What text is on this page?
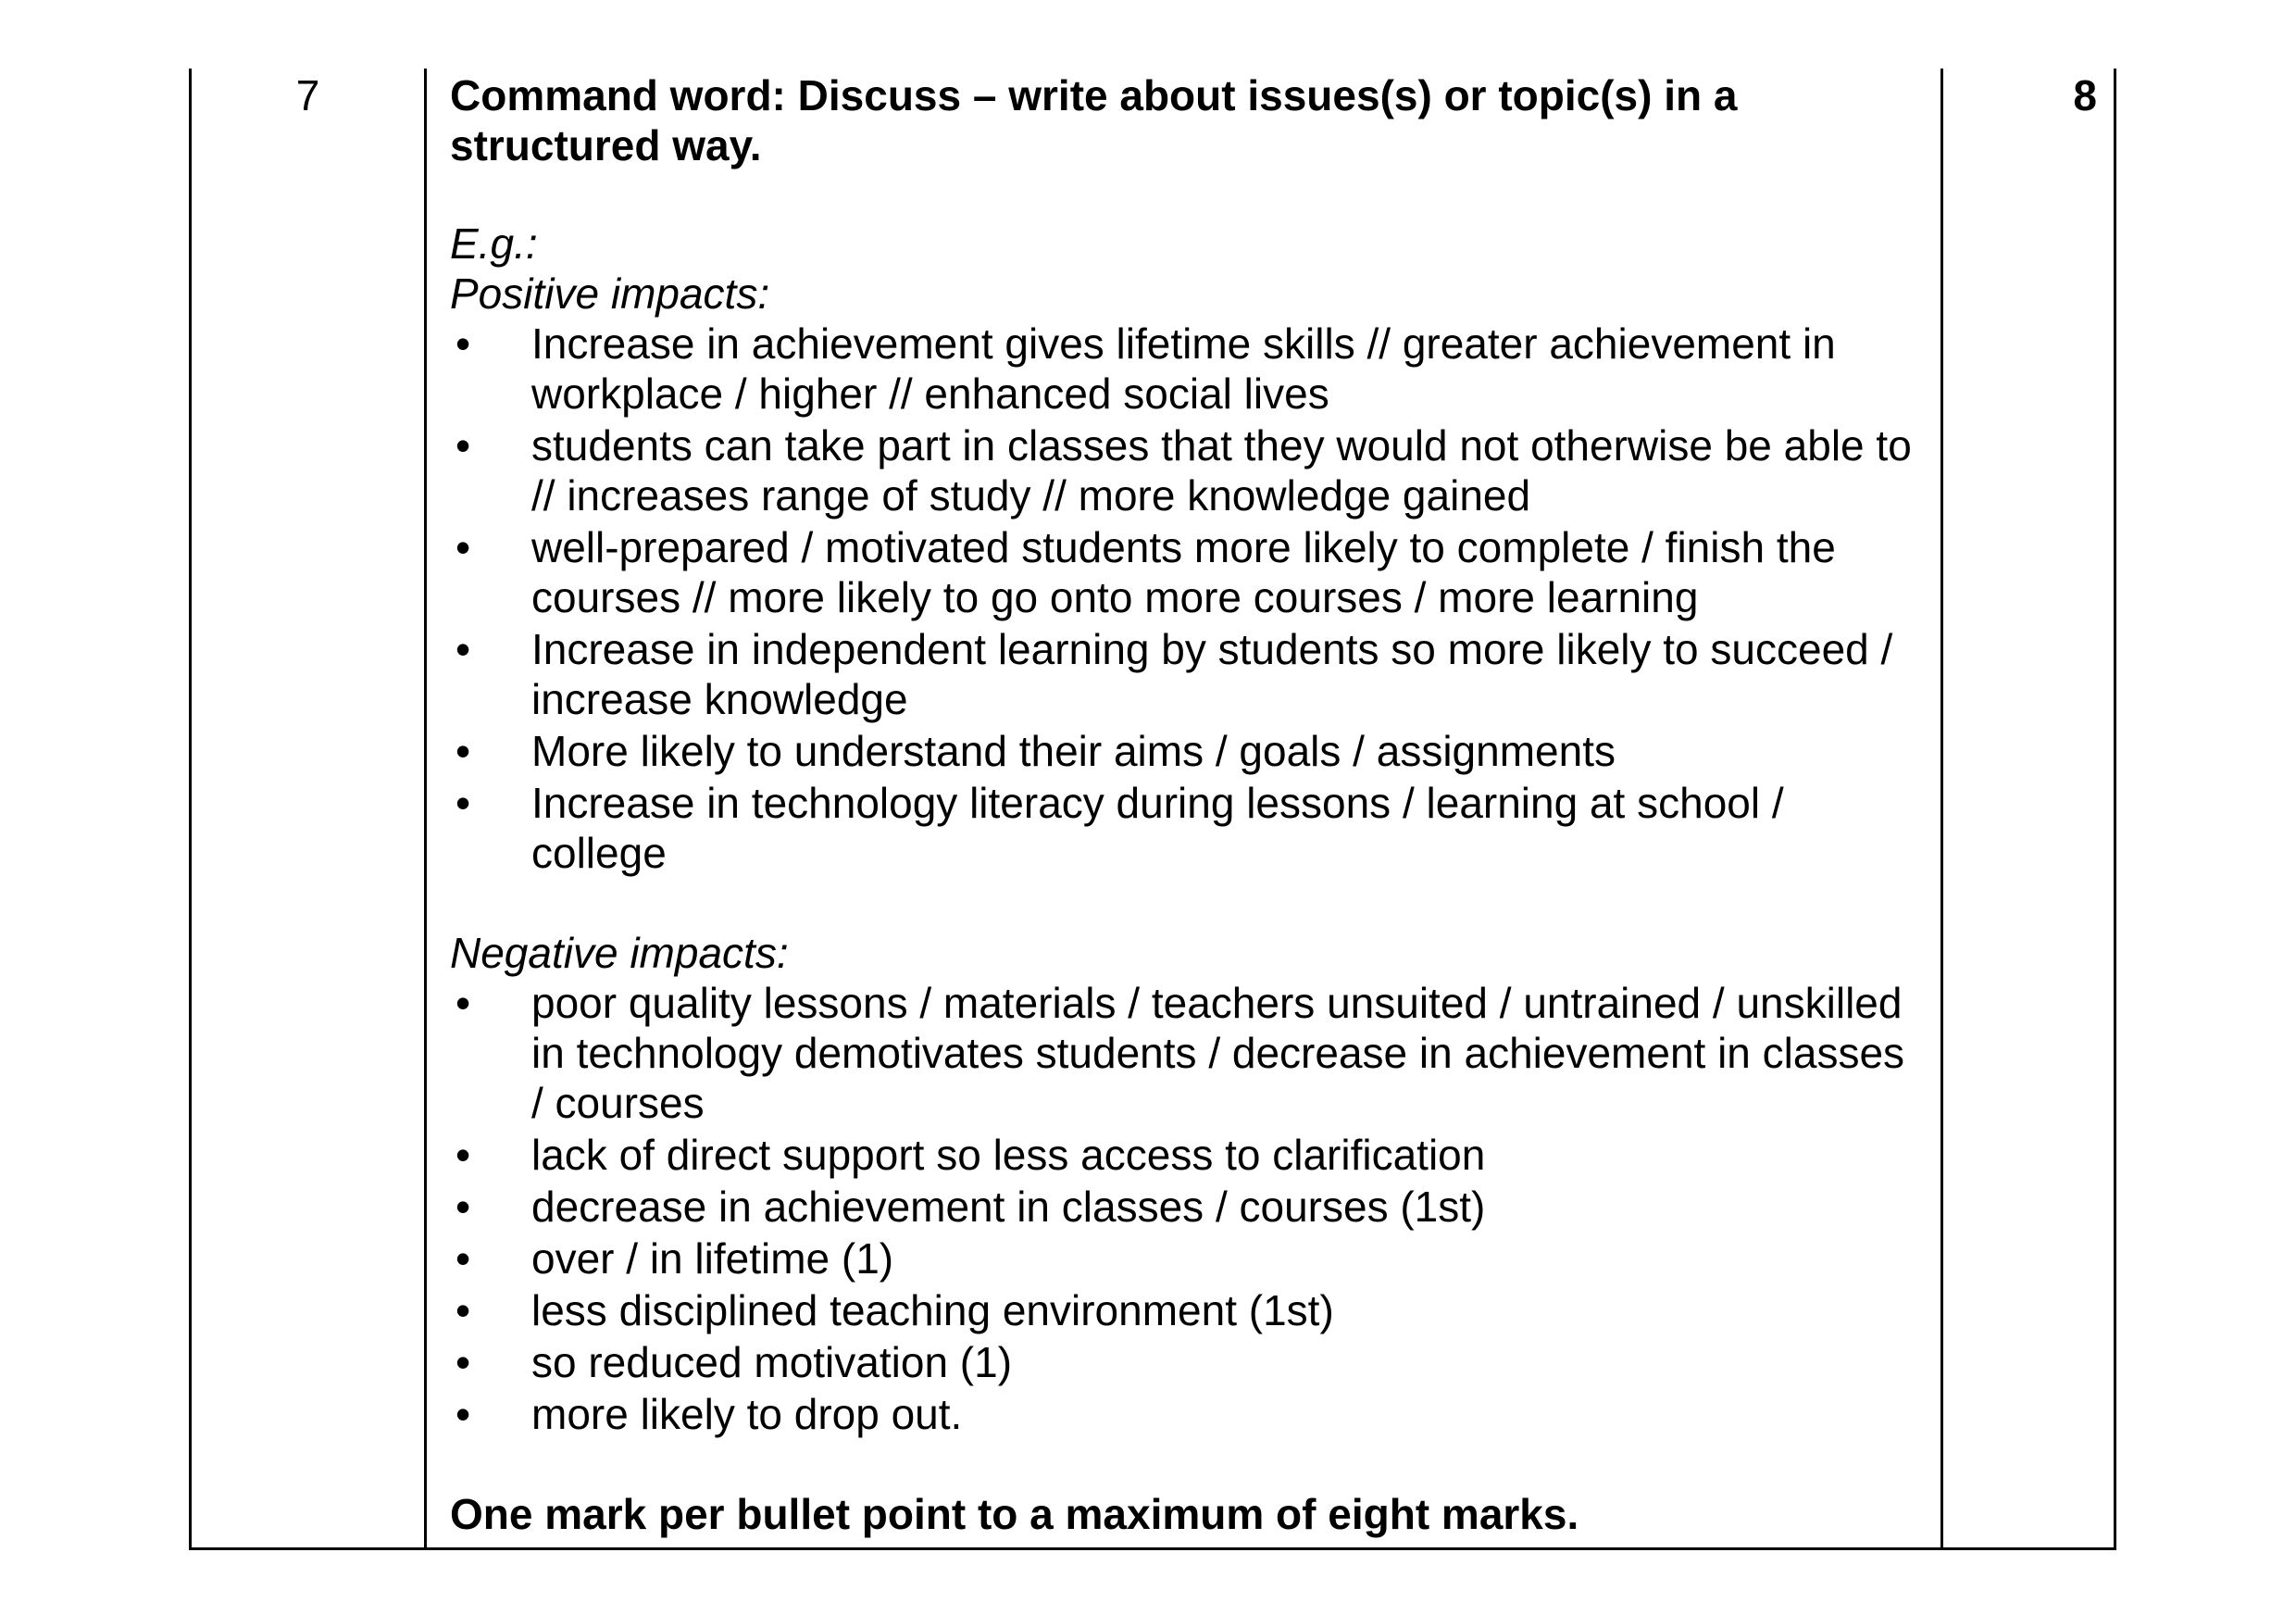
7	Command word: Discuss – write about issues(s) or topic(s) in a structured way.

E.g.:

Positive impacts:

• Increase in achievement gives lifetime skills // greater achievement in workplace / higher // enhanced social lives
• students can take part in classes that they would not otherwise be able to // increases range of study // more knowledge gained
• well-prepared / motivated students more likely to complete / finish the courses // more likely to go onto more courses / more learning
• Increase in independent learning by students so more likely to succeed / increase knowledge
• More likely to understand their aims / goals / assignments
• Increase in technology literacy during lessons / learning at school / college

Negative impacts:

• poor quality lessons / materials / teachers unsuited / untrained / unskilled in technology demotivates students / decrease in achievement in classes / courses
• lack of direct support so less access to clarification
• decrease in achievement in classes / courses (1st)
• over / in lifetime (1)
• less disciplined teaching environment (1st)
• so reduced motivation (1)
• more likely to drop out.

One mark per bullet point to a maximum of eight marks.

8
